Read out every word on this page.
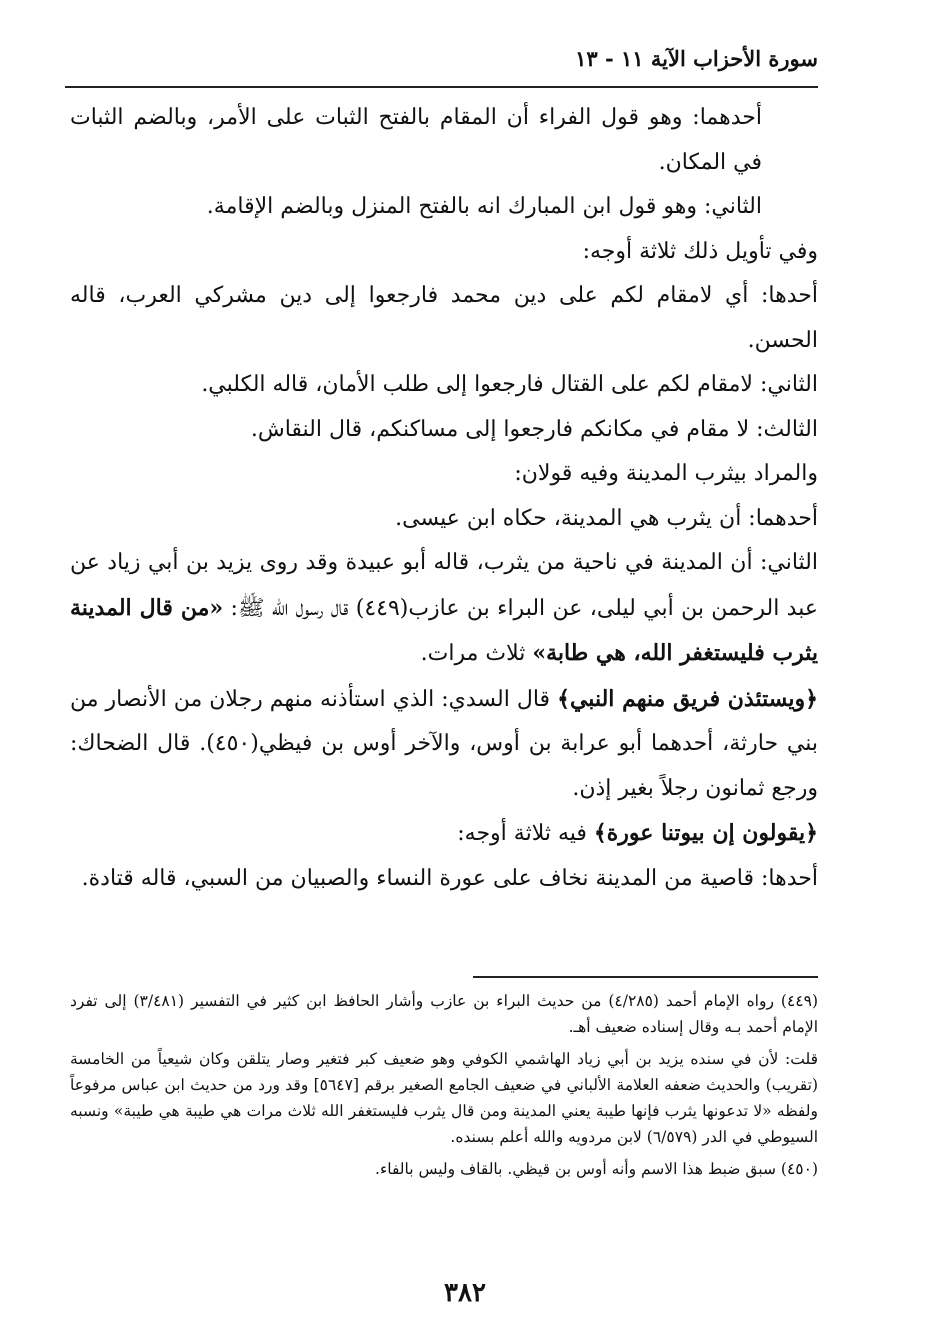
سورة الأحزاب الآية ١١ - ١٣

أحدهما: وهو قول الفراء أن المقام بالفتح الثبات على الأمر، وبالضم الثبات في المكان.

الثاني: وهو قول ابن المبارك انه بالفتح المنزل وبالضم الإقامة.

وفي تأويل ذلك ثلاثة أوجه:

أحدها: أي لامقام لكم على دين محمد فارجعوا إلى دين مشركي العرب، قاله الحسن.

الثاني: لامقام لكم على القتال فارجعوا إلى طلب الأمان، قاله الكلبي.

الثالث: لا مقام في مكانكم فارجعوا إلى مساكنكم، قال النقاش.

والمراد بيثرب المدينة وفيه قولان:

أحدهما: أن يثرب هي المدينة، حكاه ابن عيسى.

الثاني: أن المدينة في ناحية من يثرب، قاله أبو عبيدة وقد روى يزيد بن أبي زياد عن عبد الرحمن بن أبي ليلى، عن البراء بن عازب(٤٤٩) قال رسول الله ﷺ: «من قال المدينة يثرب فليستغفر الله، هي طابة» ثلاث مرات.

﴿ويستئذن فريق منهم النبي﴾ قال السدي: الذي استأذنه منهم رجلان من الأنصار من بني حارثة، أحدهما أبو عرابة بن أوس، والآخر أوس بن فيظي(٤٥٠). قال الضحاك: ورجع ثمانون رجلاً بغير إذن.

﴿يقولون إن بيوتنا عورة﴾ فيه ثلاثة أوجه:

أحدها: قاصية من المدينة نخاف على عورة النساء والصبيان من السبي، قاله قتادة.

(٤٤٩) رواه الإمام أحمد (٤/٢٨٥) من حديث البراء بن عازب وأشار الحافظ ابن كثير في التفسير (٣/٤٨١) إلى تفرد الإمام أحمد بـه وقال إسناده ضعيف أهـ.

قلت: لأن في سنده يزيد بن أبي زياد الهاشمي الكوفي وهو ضعيف كبر فتغير وصار يتلقن وكان شيعياً من الخامسة (تقريب) والحديث ضعفه العلامة الألباني في ضعيف الجامع الصغير برقم [٥٦٤٧] وقد ورد من حديث ابن عباس مرفوعاً ولفظه «لا تدعونها يثرب فإنها طيبة يعني المدينة ومن قال يثرب فليستغفر الله ثلاث مرات هي طيبة هي طيبة» ونسبه السيوطي في الدر (٦/٥٧٩) لابن مردويه والله أعلم بسنده.

(٤٥٠) سبق ضبط هذا الاسم وأنه أوس بن قيظي. بالقاف وليس بالفاء.

٣٨٢
